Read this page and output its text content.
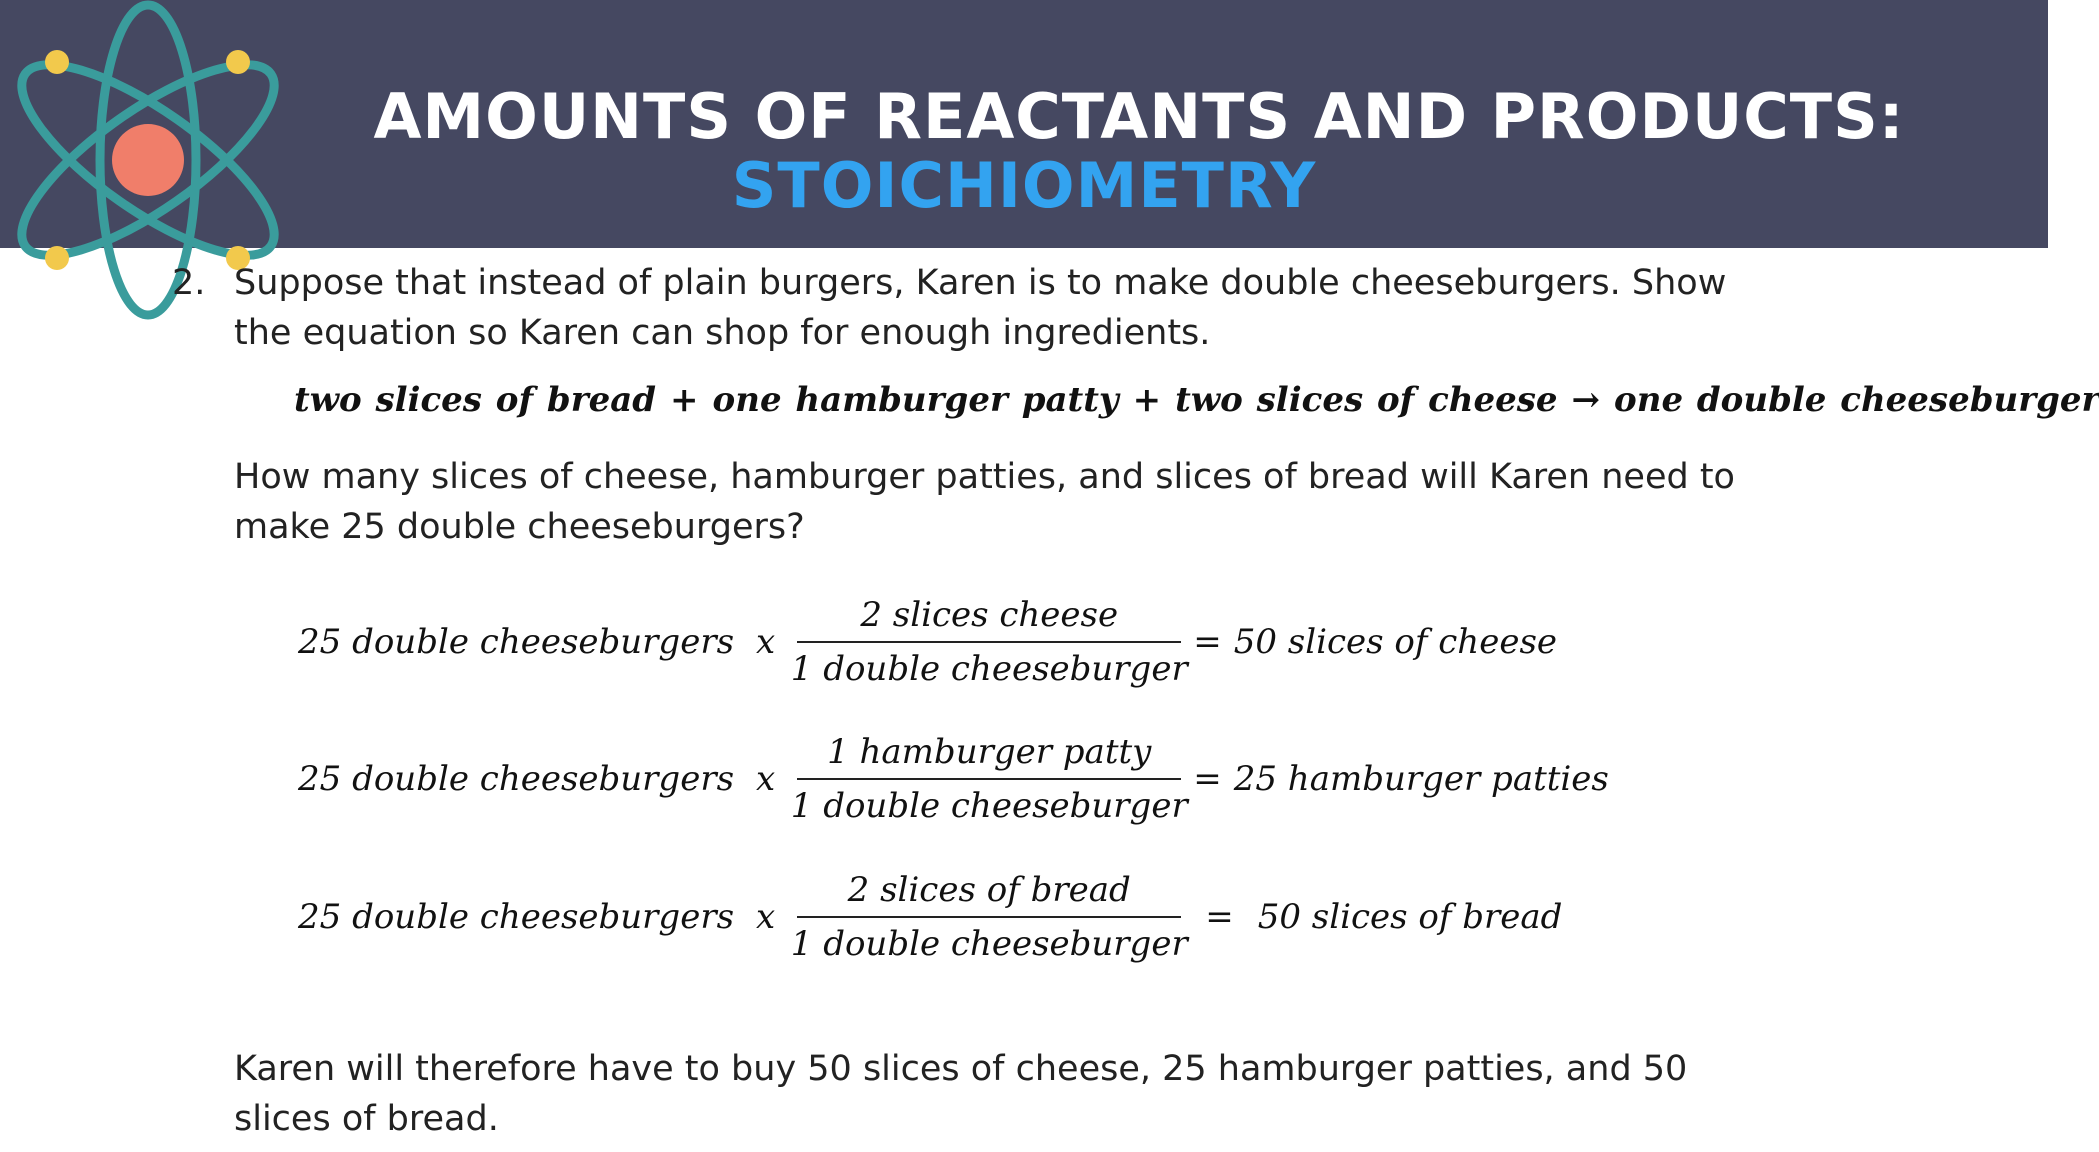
AMOUNTS OF REACTANTS AND PRODUCTS:
STOICHIOMETRY
2. Suppose that instead of plain burgers, Karen is to make double cheeseburgers. Show the equation so Karen can shop for enough ingredients.

two slices of bread + one hamburger patty + two slices of cheese → one double cheeseburger

How many slices of cheese, hamburger patties, and slices of bread will Karen need to make 25 double cheeseburgers?

25 double cheeseburgers x $\frac{\text{2 slices cheese}}{\text{1 double cheeseburger}} = 50$ slices of cheese
25 double cheeseburgers x $\frac{\text{1 hamburger patty}}{\text{1 double cheeseburger}} = 25$ hamburger patties
25 double cheeseburgers x $\frac{\text{2 slices of bread}}{\text{1 double cheeseburger}} = 50$ slices of bread

Karen will therefore have to buy 50 slices of cheese, 25 hamburger patties, and 50 slices of bread.
